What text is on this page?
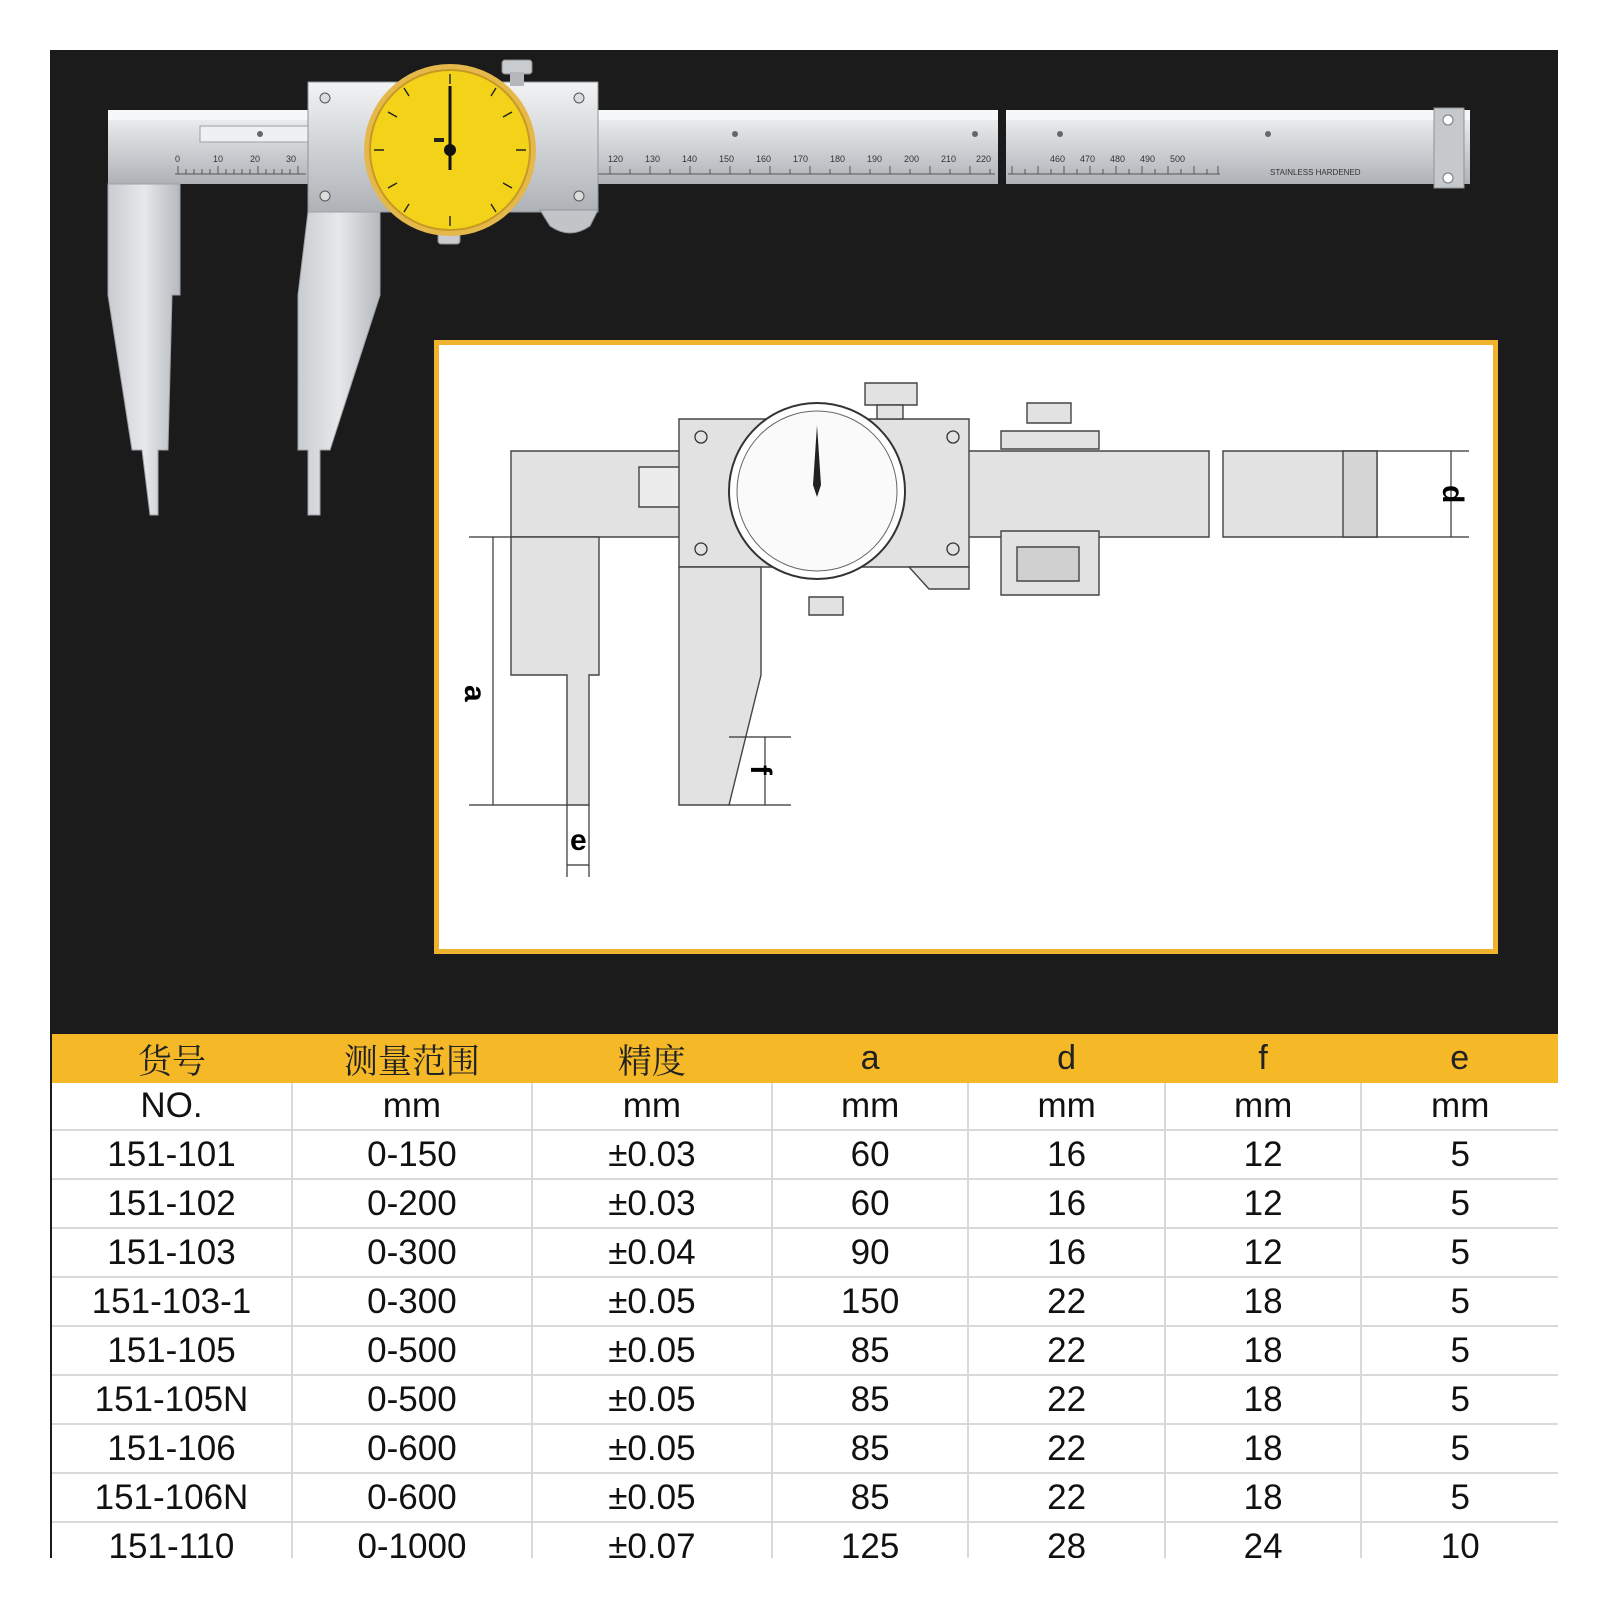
0	10	20	30	120 130 140 150 160 170 180 190 200 210 220	460 470 480 490 500
STAINLESS HARDENED
a
d
f
e
货号	测量范围	精度	a	d	f	e
NO.	mm	mm	mm	mm	mm	mm
151-101	0-150	±0.03	60	16	12	5
151-102	0-200	±0.03	60	16	12	5
151-103	0-300	±0.04	90	16	12	5
151-103-1	0-300	±0.05	150	22	18	5
151-105	0-500	±0.05	85	22	18	5
151-105N	0-500	±0.05	85	22	18	5
151-106	0-600	±0.05	85	22	18	5
151-106N	0-600	±0.05	85	22	18	5
151-110	0-1000	±0.07	125	28	24	10
